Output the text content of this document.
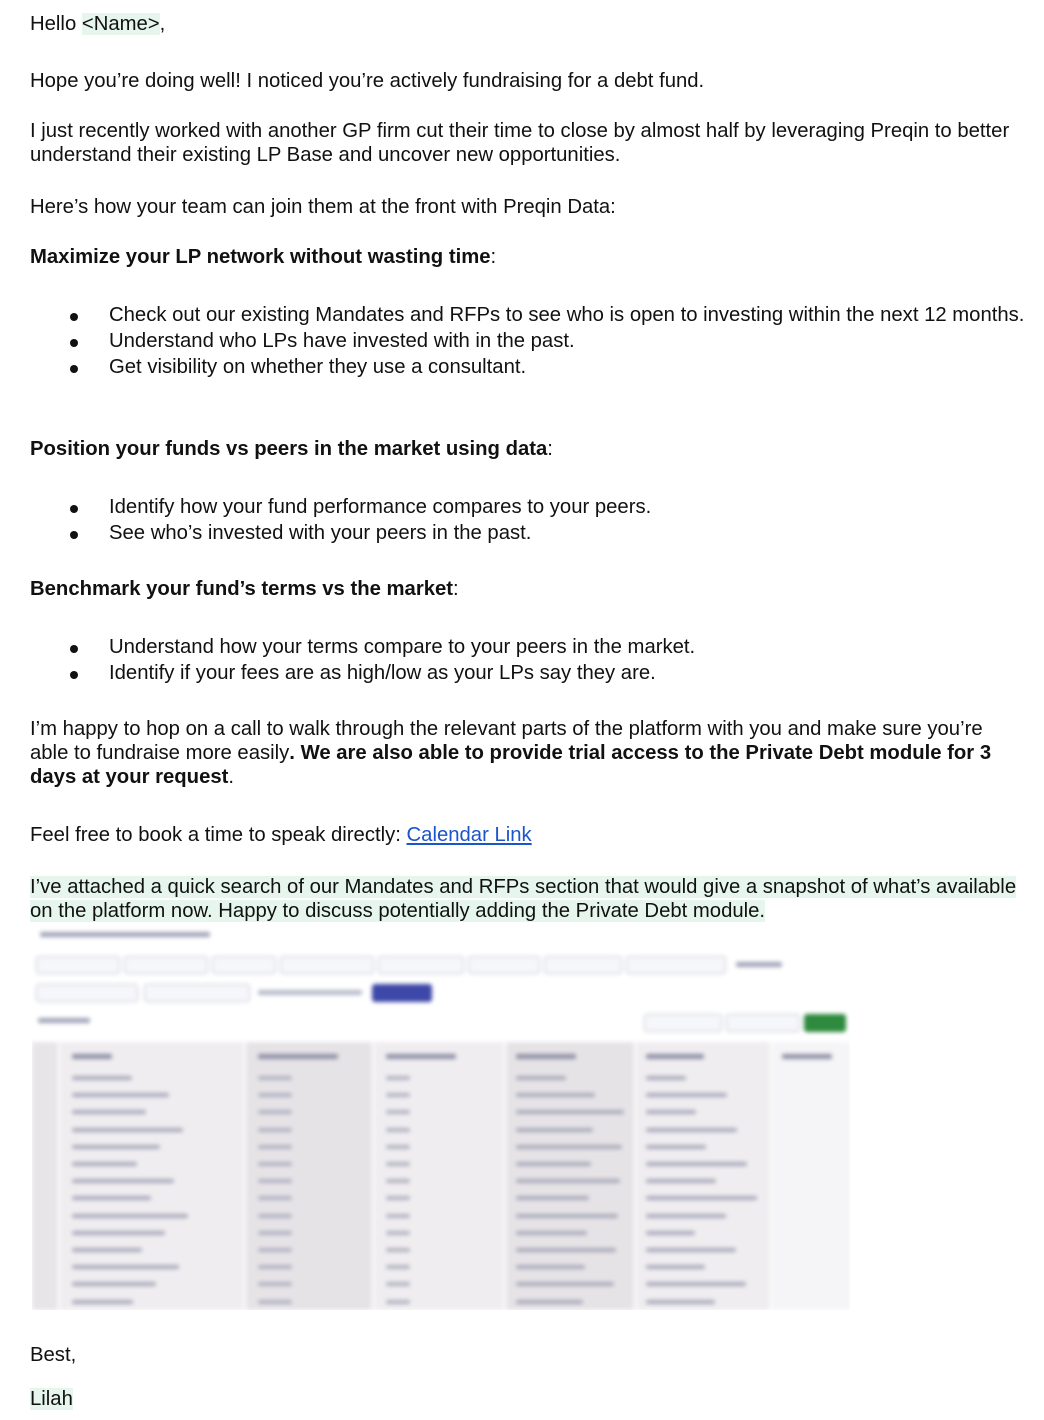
Hello <Name>,
Hope you’re doing well! I noticed you’re actively fundraising for a debt fund.
I just recently worked with another GP firm cut their time to close by almost half by leveraging Preqin to better understand their existing LP Base and uncover new opportunities.
Here’s how your team can join them at the front with Preqin Data:
Maximize your LP network without wasting time:
Check out our existing Mandates and RFPs to see who is open to investing within the next 12 months.
Understand who LPs have invested with in the past.
Get visibility on whether they use a consultant.
Position your funds vs peers in the market using data:
Identify how your fund performance compares to your peers.
See who’s invested with your peers in the past.
Benchmark your fund’s terms vs the market:
Understand how your terms compare to your peers in the market.
Identify if your fees are as high/low as your LPs say they are.
I’m happy to hop on a call to walk through the relevant parts of the platform with you and make sure you’re able to fundraise more easily. We are also able to provide trial access to the Private Debt module for 3 days at your request.
Feel free to book a time to speak directly: Calendar Link
I’ve attached a quick search of our Mandates and RFPs section that would give a snapshot of what’s available on the platform now. Happy to discuss potentially adding the Private Debt module.
Best,
Lilah
